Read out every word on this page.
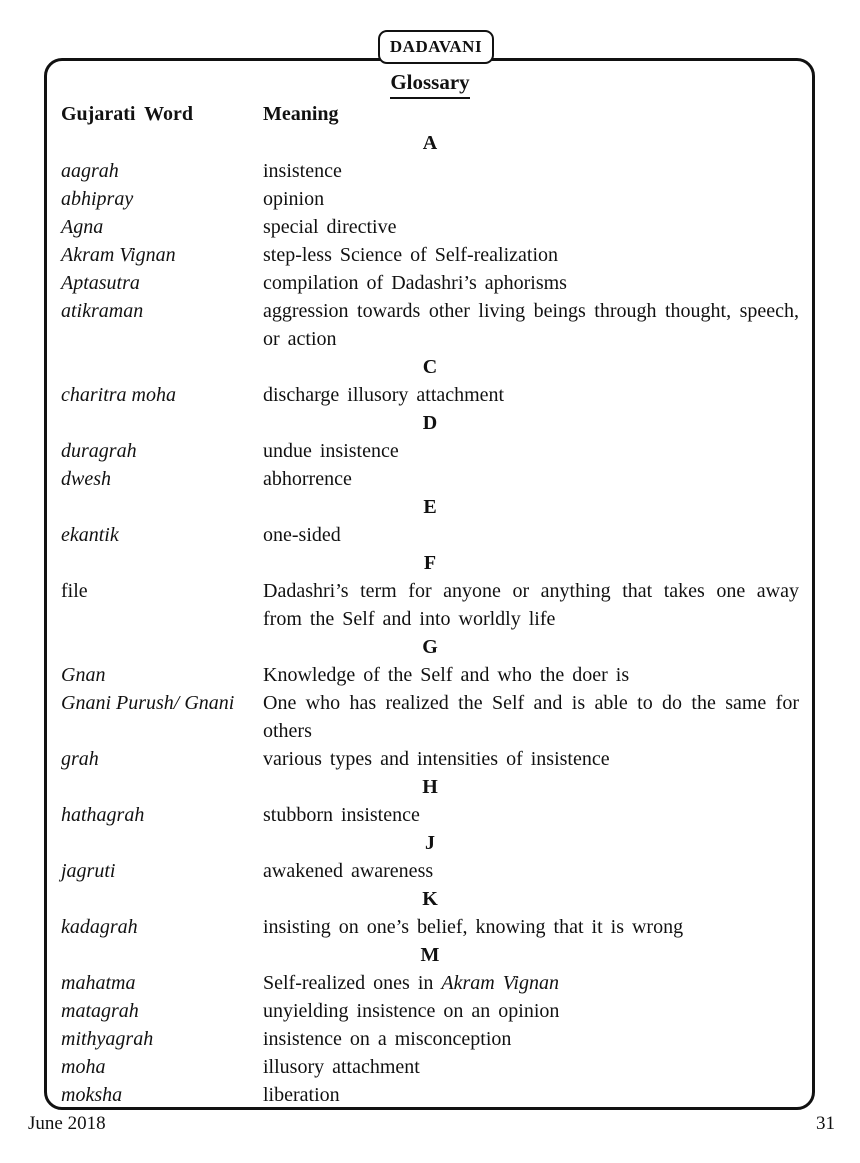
DADAVANI
Glossary
Gujarati Word	Meaning
A
aagrah	insistence
abhipray	opinion
Agna	special directive
Akram Vignan	step-less Science of Self-realization
Aptasutra	compilation of Dadashri’s aphorisms
atikraman	aggression towards other living beings through thought, speech, or action
C
charitra moha	discharge illusory attachment
D
duragrah	undue insistence
dwesh	abhorrence
E
ekantik	one-sided
F
file	Dadashri’s term for anyone or anything that takes one away from the Self and into worldly life
G
Gnan	Knowledge of the Self and who the doer is
Gnani Purush/ Gnani	One who has realized the Self and is able to do the same for others
grah	various types and intensities of insistence
H
hathagrah	stubborn insistence
J
jagruti	awakened awareness
K
kadagrah	insisting on one’s belief, knowing that it is wrong
M
mahatma	Self-realized ones in Akram Vignan
matagrah	unyielding insistence on an opinion
mithyagrah	insistence on a misconception
moha	illusory attachment
moksha	liberation
June 2018	31
